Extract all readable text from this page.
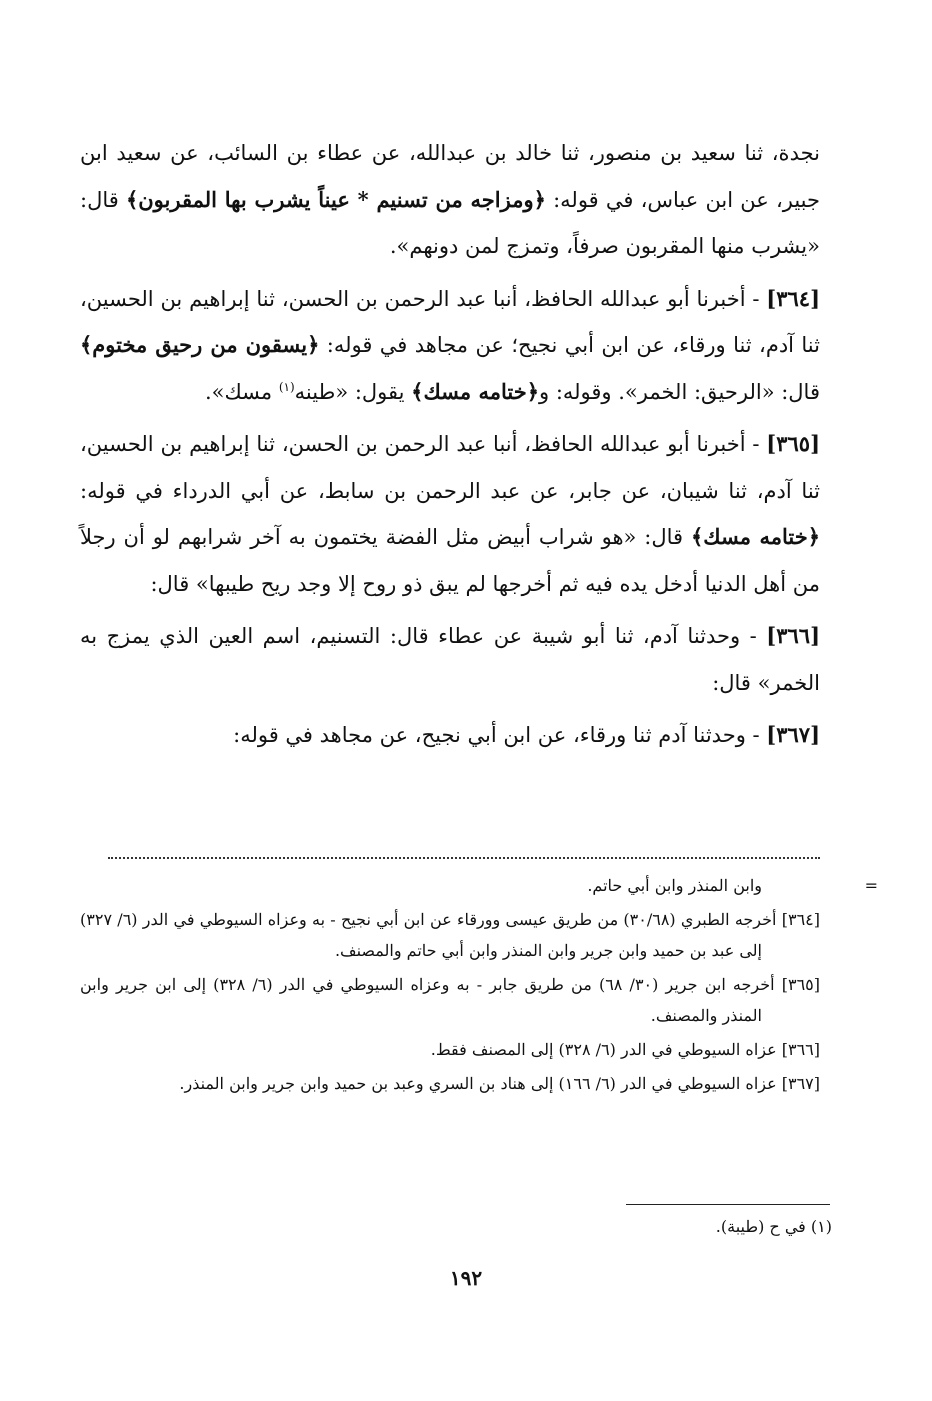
نجدة، ثنا سعيد بن منصور، ثنا خالد بن عبدالله، عن عطاء بن السائب، عن سعيد ابن جبير، عن ابن عباس، في قوله: ﴿ومزاجه من تسنيم * عيناً يشرب بها المقربون﴾ قال: «يشرب منها المقربون صرفاً، وتمزج لمن دونهم».

[٣٦٤] - أخبرنا أبو عبدالله الحافظ، أنبا عبد الرحمن بن الحسن، ثنا إبراهيم بن الحسين، ثنا آدم، ثنا ورقاء، عن ابن أبي نجيح؛ عن مجاهد في قوله: ﴿يسقون من رحيق مختوم﴾ قال: «الرحيق: الخمر». وقوله: و﴿ختامه مسك﴾ يقول: «طينه$^{(١)}$ مسك».

[٣٦٥] - أخبرنا أبو عبدالله الحافظ، أنبا عبد الرحمن بن الحسن، ثنا إبراهيم بن الحسين، ثنا آدم، ثنا شيبان، عن جابر، عن عبد الرحمن بن سابط، عن أبي الدرداء في قوله: ﴿ختامه مسك﴾ قال: «هو شراب أبيض مثل الفضة يختمون به آخر شرابهم لو أن رجلاً من أهل الدنيا أدخل يده فيه ثم أخرجها لم يبق ذو روح إلا وجد ريح طيبها» قال:

[٣٦٦] - وحدثنا آدم، ثنا أبو شيبة عن عطاء قال: التسنيم، اسم العين الذي يمزج به الخمر» قال:

[٣٦٧] - وحدثنا آدم ثنا ورقاء، عن ابن أبي نجيح، عن مجاهد في قوله:

=وابن المنذر وابن أبي حاتم.

[٣٦٤] أخرجه الطبري (٣٠/٦٨) من طريق عيسى وورقاء عن ابن أبي نجيح - به وعزاه السيوطي في الدر (٦/ ٣٢٧) إلى عبد بن حميد وابن جرير وابن المنذر وابن أبي حاتم والمصنف.

[٣٦٥] أخرجه ابن جرير (٣٠/ ٦٨) من طريق جابر - به وعزاه السيوطي في الدر (٦/ ٣٢٨) إلى ابن جرير وابن المنذر والمصنف.

[٣٦٦] عزاه السيوطي في الدر (٦/ ٣٢٨) إلى المصنف فقط.

[٣٦٧] عزاه السيوطي في الدر (٦/ ١٦٦) إلى هناد بن السري وعبد بن حميد وابن جرير وابن المنذر.

(١) في ح (طيبة).
١٩٢
